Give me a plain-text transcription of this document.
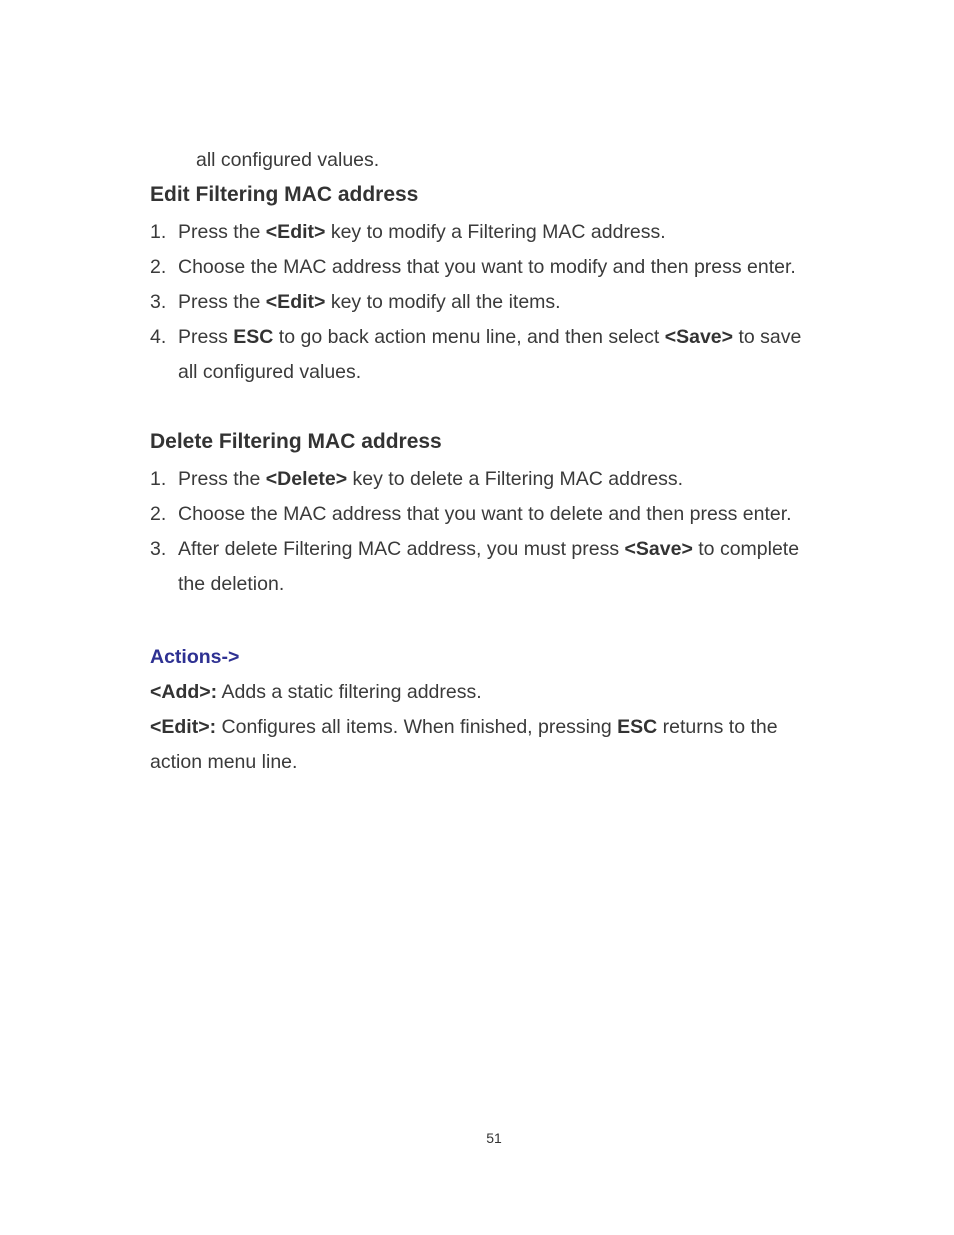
all configured values.
Edit Filtering MAC address
1. Press the <Edit> key to modify a Filtering MAC address.
2. Choose the MAC address that you want to modify and then press enter.
3. Press the <Edit> key to modify all the items.
4. Press ESC to go back action menu line, and then select <Save> to save
all configured values.
Delete Filtering MAC address
1. Press the <Delete> key to delete a Filtering MAC address.
2. Choose the MAC address that you want to delete and then press enter.
3. After delete Filtering MAC address, you must press <Save> to complete
the deletion.
Actions->
<Add>: Adds a static filtering address.
<Edit>: Configures all items. When finished, pressing ESC returns to the
action menu line.
51
